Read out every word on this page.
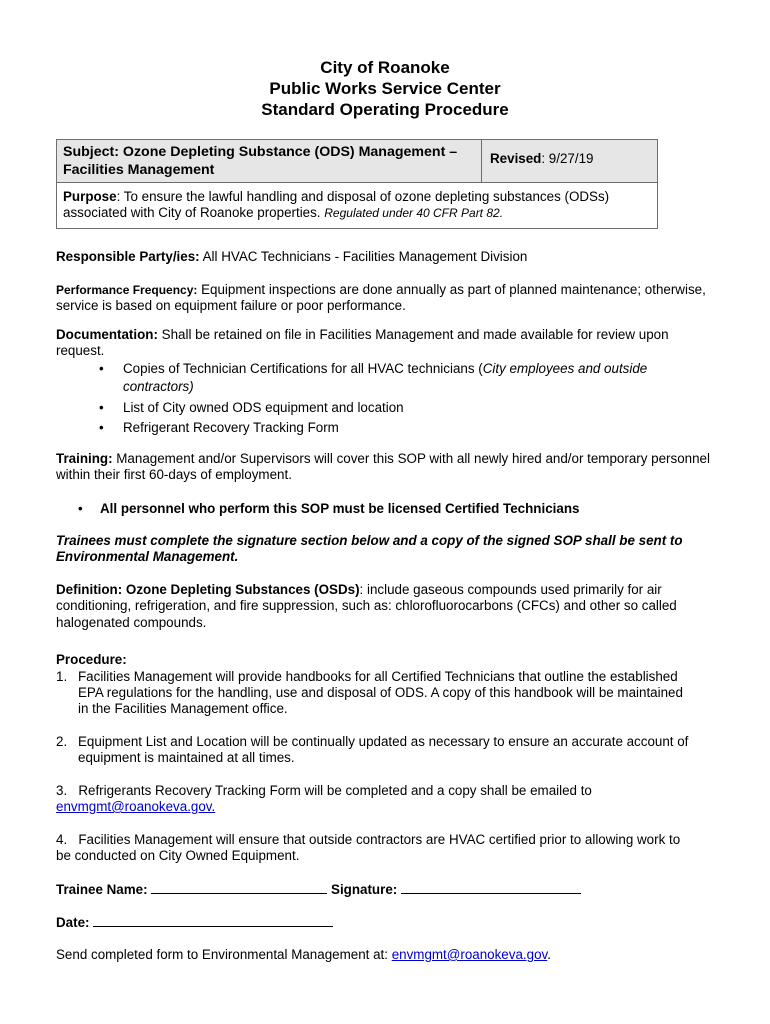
City of Roanoke
Public Works Service Center
Standard Operating Procedure
Subject: Ozone Depleting Substance (ODS) Management – Facilities Management	Revised: 9/27/19
Purpose: To ensure the lawful handling and disposal of ozone depleting substances (ODSs) associated with City of Roanoke properties. Regulated under 40 CFR Part 82.
Responsible Party/ies: All HVAC Technicians - Facilities Management Division
Performance Frequency: Equipment inspections are done annually as part of planned maintenance; otherwise, service is based on equipment failure or poor performance.
Documentation: Shall be retained on file in Facilities Management and made available for review upon request.
•	Copies of Technician Certifications for all HVAC technicians (City employees and outside
contractors)
•	List of City owned ODS equipment and location
•	Refrigerant Recovery Tracking Form
Training: Management and/or Supervisors will cover this SOP with all newly hired and/or temporary personnel within their first 60-days of employment.
•	All personnel who perform this SOP must be licensed Certified Technicians
Trainees must complete the signature section below and a copy of the signed SOP shall be sent to Environmental Management.
Definition: Ozone Depleting Substances (OSDs): include gaseous compounds used primarily for air conditioning, refrigeration, and fire suppression, such as: chlorofluorocarbons (CFCs) and other so called halogenated compounds.
Procedure:
1. Facilities Management will provide handbooks for all Certified Technicians that outline the established
EPA regulations for the handling, use and disposal of ODS. A copy of this handbook will be maintained
in the Facilities Management office.
2. Equipment List and Location will be continually updated as necessary to ensure an accurate account of
equipment is maintained at all times.
3.   Refrigerants Recovery Tracking Form will be completed and a copy shall be emailed to
envmgmt@roanokeva.gov.
4.   Facilities Management will ensure that outside contractors are HVAC certified prior to allowing work to
be conducted on City Owned Equipment.
Trainee Name:	Signature:
Date:
Send completed form to Environmental Management at: envmgmt@roanokeva.gov.
